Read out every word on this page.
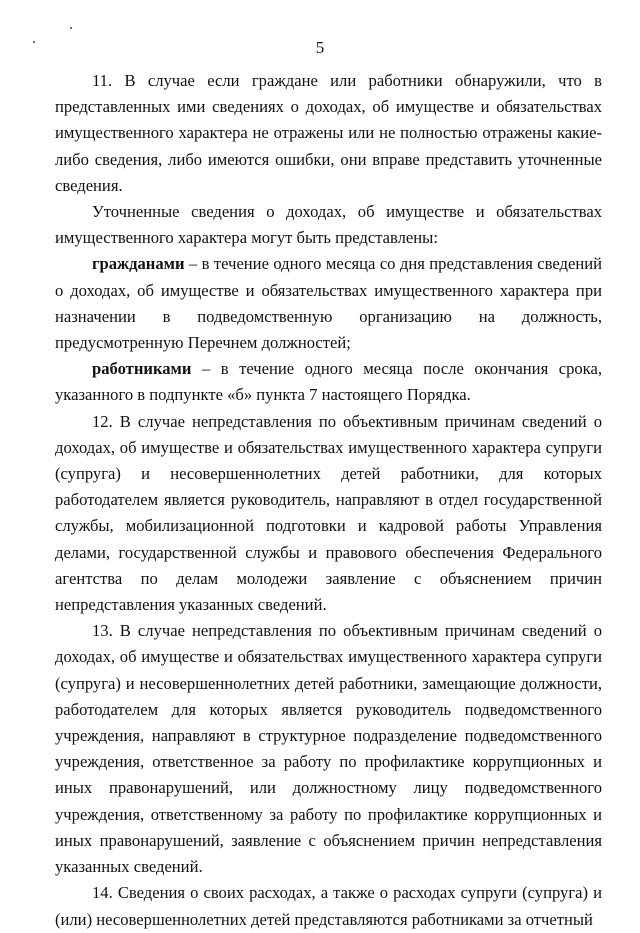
5

11. В случае если граждане или работники обнаружили, что в представленных ими сведениях о доходах, об имуществе и обязательствах имущественного характера не отражены или не полностью отражены какие-либо сведения, либо имеются ошибки, они вправе представить уточненные сведения.

Уточненные сведения о доходах, об имуществе и обязательствах имущественного характера могут быть представлены:

гражданами – в течение одного месяца со дня представления сведений о доходах, об имуществе и обязательствах имущественного характера при назначении в подведомственную организацию на должность, предусмотренную Перечнем должностей;

работниками – в течение одного месяца после окончания срока, указанного в подпункте «б» пункта 7 настоящего Порядка.

12. В случае непредставления по объективным причинам сведений о доходах, об имуществе и обязательствах имущественного характера супруги (супруга) и несовершеннолетних детей работники, для которых работодателем является руководитель, направляют в отдел государственной службы, мобилизационной подготовки и кадровой работы Управления делами, государственной службы и правового обеспечения Федерального агентства по делам молодежи заявление с объяснением причин непредставления указанных сведений.

13. В случае непредставления по объективным причинам сведений о доходах, об имуществе и обязательствах имущественного характера супруги (супруга) и несовершеннолетних детей работники, замещающие должности, работодателем для которых является руководитель подведомственного учреждения, направляют в структурное подразделение подведомственного учреждения, ответственное за работу по профилактике коррупционных и иных правонарушений, или должностному лицу подведомственного учреждения, ответственному за работу по профилактике коррупционных и иных правонарушений, заявление с объяснением причин непредставления указанных сведений.

14. Сведения о своих расходах, а также о расходах супруги (супруга) и (или) несовершеннолетних детей представляются работниками за отчетный
